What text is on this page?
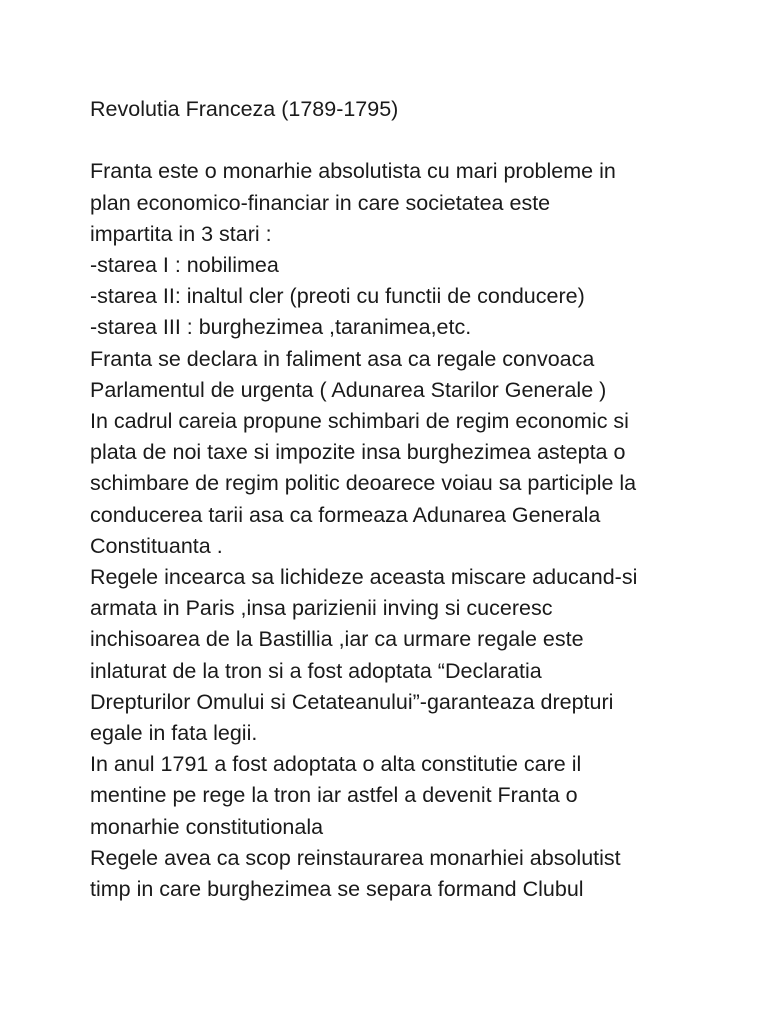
Revolutia Franceza (1789-1795)
Franta este o monarhie absolutista cu mari probleme in
plan economico-financiar in care societatea este
impartita in 3 stari :
-starea I : nobilimea
-starea II: inaltul cler (preoti cu functii de conducere)
-starea III : burghezimea ,taranimea,etc.
Franta se declara in faliment asa ca regale convoaca
Parlamentul de urgenta ( Adunarea Starilor Generale )
In cadrul careia propune schimbari de regim economic si
plata de noi taxe si impozite insa burghezimea astepta o
schimbare de regim politic deoarece voiau sa participle la
conducerea tarii asa ca formeaza Adunarea Generala
Constituanta .
Regele incearca sa lichideze aceasta miscare aducand-si
armata in Paris ,insa parizienii inving si cuceresc
inchisoarea de la Bastillia ,iar ca urmare regale este
inlaturat de la tron si a fost adoptata “Declaratia
Drepturilor Omului si Cetateanului”-garanteaza drepturi
egale in fata legii.
In anul 1791 a fost adoptata o alta constitutie care il
mentine pe rege la tron iar astfel a devenit Franta o
monarhie constitutionala
Regele avea ca scop reinstaurarea monarhiei absolutist
timp in care burghezimea se separa formand Clubul
